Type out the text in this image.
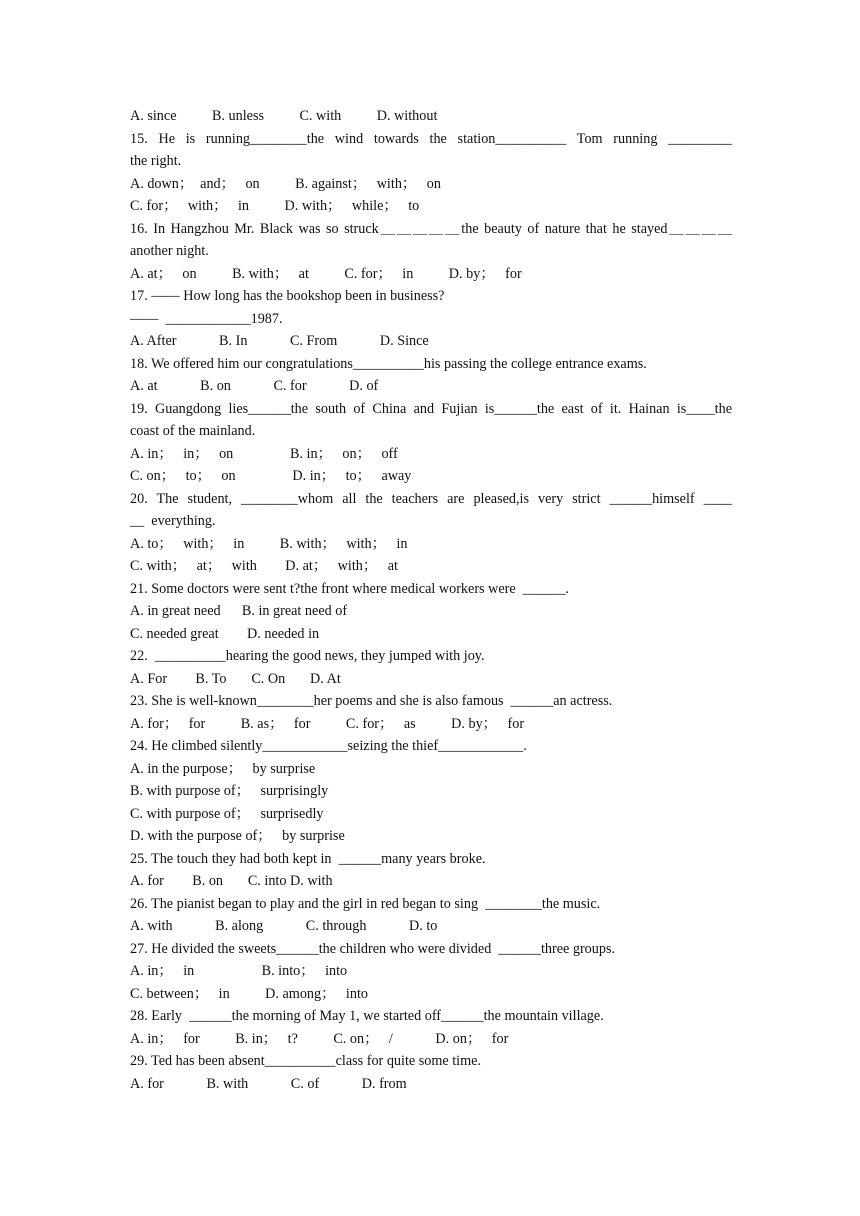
A. since          B. unless          C. with          D. without
15. He is running________the wind towards the station__________ Tom running _________
the right.
A. down；  and；   on          B. against；   with；   on
C. for；   with；   in          D. with；   while；   to
16. In Hangzhou Mr. Black was so struck＿＿＿＿＿the beauty of nature that he stayed＿＿＿＿
another night.
A. at；   on          B. with；   at          C. for；   in          D. by；   for
17. —— How long has the bookshop been in business?
——  ____________1987.
A. After            B. In            C. From            D. Since
18. We offered him our congratulations__________his passing the college entrance exams.
A. at            B. on            C. for            D. of
19. Guangdong lies______the south of China and Fujian is______the east of it. Hainan is____the
coast of the mainland.
A. in；   in；   on                B. in；   on；   off
C. on；   to；   on                D. in；   to；   away
20. The student, ________whom all the teachers are pleased,is very strict ______himself ____
__  everything.
A. to；   with；   in          B. with；   with；   in
C. with；   at；   with        D. at；   with；   at
21. Some doctors were sent t?the front where medical workers were  ______.
A. in great need      B. in great need of
C. needed great        D. needed in
22.  __________hearing the good news, they jumped with joy.
A. For        B. To       C. On       D. At
23. She is well-known________her poems and she is also famous  ______an actress.
A. for；   for          B. as；   for          C. for；   as          D. by；   for
24. He climbed silently____________seizing the thief____________.
A. in the purpose；   by surprise
B. with purpose of；   surprisingly
C. with purpose of；   surprisedly
D. with the purpose of；   by surprise
25. The touch they had both kept in  ______many years broke.
A. for        B. on       C. into D. with
26. The pianist began to play and the girl in red began to sing  ________the music.
A. with            B. along            C. through            D. to
27. He divided the sweets______the children who were divided  ______three groups.
A. in；   in                   B. into；   into
C. between；   in          D. among；   into
28. Early  ______the morning of May 1, we started off______the mountain village.
A. in；   for          B. in；   t?          C. on；   /            D. on；   for
29. Ted has been absent__________class for quite some time.
A. for            B. with            C. of            D. from
